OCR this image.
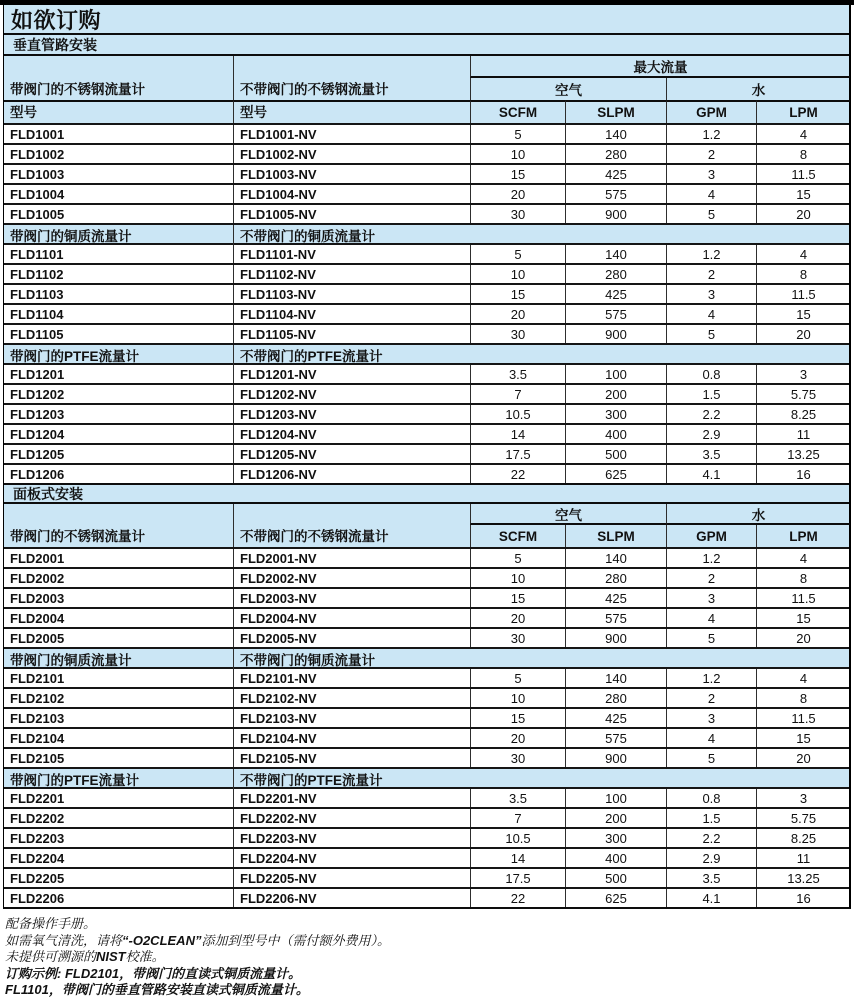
如欲订购
垂直管路安装
带阀门的不锈钢流量计	不带阀门的不锈钢流量计
最大流量
空气	水
型号	型号	SCFM	SLPM	GPM	LPM
FLD1001	FLD1001-NV	5	140	1.2	4
FLD1002	FLD1002-NV	10	280	2	8
FLD1003	FLD1003-NV	15	425	3	11.5
FLD1004	FLD1004-NV	20	575	4	15
FLD1005	FLD1005-NV	30	900	5	20
带阀门的铜质流量计	不带阀门的铜质流量计
FLD1101	FLD1101-NV	5	140	1.2	4
FLD1102	FLD1102-NV	10	280	2	8
FLD1103	FLD1103-NV	15	425	3	11.5
FLD1104	FLD1104-NV	20	575	4	15
FLD1105	FLD1105-NV	30	900	5	20
带阀门的PTFE流量计	不带阀门的PTFE流量计
FLD1201	FLD1201-NV	3.5	100	0.8	3
FLD1202	FLD1202-NV	7	200	1.5	5.75
FLD1203	FLD1203-NV	10.5	300	2.2	8.25
FLD1204	FLD1204-NV	14	400	2.9	11
FLD1205	FLD1205-NV	17.5	500	3.5	13.25
FLD1206	FLD1206-NV	22	625	4.1	16
面板式安装
带阀门的不锈钢流量计	不带阀门的不锈钢流量计
空气	水
SCFM	SLPM	GPM	LPM
FLD2001	FLD2001-NV	5	140	1.2	4
FLD2002	FLD2002-NV	10	280	2	8
FLD2003	FLD2003-NV	15	425	3	11.5
FLD2004	FLD2004-NV	20	575	4	15
FLD2005	FLD2005-NV	30	900	5	20
带阀门的铜质流量计	不带阀门的铜质流量计
FLD2101	FLD2101-NV	5	140	1.2	4
FLD2102	FLD2102-NV	10	280	2	8
FLD2103	FLD2103-NV	15	425	3	11.5
FLD2104	FLD2104-NV	20	575	4	15
FLD2105	FLD2105-NV	30	900	5	20
带阀门的PTFE流量计	不带阀门的PTFE流量计
FLD2201	FLD2201-NV	3.5	100	0.8	3
FLD2202	FLD2202-NV	7	200	1.5	5.75
FLD2203	FLD2203-NV	10.5	300	2.2	8.25
FLD2204	FLD2204-NV	14	400	2.9	11
FLD2205	FLD2205-NV	17.5	500	3.5	13.25
FLD2206	FLD2206-NV	22	625	4.1	16
配备操作手册。
如需氧气清洗，请将“-O2CLEAN”添加到型号中（需付额外费用）。
未提供可溯源的NIST校准。
订购示例: FLD2101，带阀门的直读式铜质流量计。
FL1101，带阀门的垂直管路安装直读式铜质流量计。
